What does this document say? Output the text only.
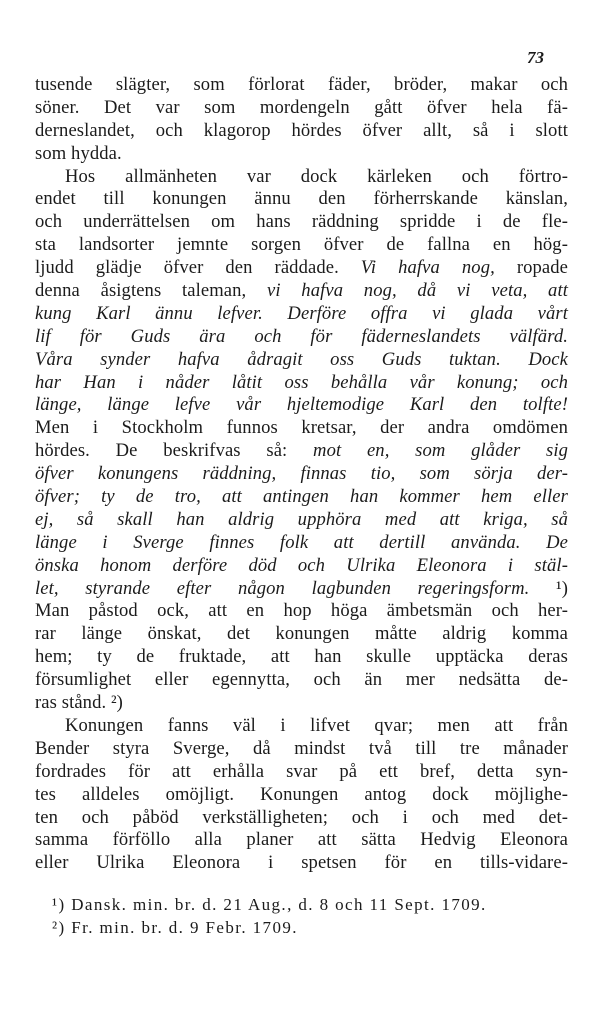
73
tusende slägter, som förlorat fäder, bröder, makar och
söner. Det var som mordengeln gått öfver hela fä-
derneslandet, och klagorop hördes öfver allt, så i slott
som hydda.
Hos allmänheten var dock kärleken och förtro-
endet till konungen ännu den förherrskande känslan,
och underrättelsen om hans räddning spridde i de fle-
sta landsorter jemnte sorgen öfver de fallna en hög-
ljudd glädje öfver den räddade. Vi hafva nog, ropade
denna åsigtens taleman, vi hafva nog, då vi veta, att
kung Karl ännu lefver. Derföre offra vi glada vårt
lif för Guds ära och för fäderneslandets välfärd.
Våra synder hafva ådragit oss Guds tuktan. Dock
har Han i nåder låtit oss behålla vår konung; och
länge, länge lefve vår hjeltemodige Karl den tolfte!
Men i Stockholm funnos kretsar, der andra omdömen
hördes. De beskrifvas så: mot en, som glåder sig
öfver konungens räddning, finnas tio, som sörja der-
öfver; ty de tro, att antingen han kommer hem eller
ej, så skall han aldrig upphöra med att kriga, så
länge i Sverge finnes folk att dertill använda. De
önska honom derföre död och Ulrika Eleonora i stäl-
let, styrande efter någon lagbunden regeringsform. ¹)
Man påstod ock, att en hop höga ämbetsmän och her-
rar länge önskat, det konungen måtte aldrig komma
hem; ty de fruktade, att han skulle upptäcka deras
försumlighet eller egennytta, och än mer nedsätta de-
ras stånd. ²)
Konungen fanns väl i lifvet qvar; men att från
Bender styra Sverge, då mindst två till tre månader
fordrades för att erhålla svar på ett bref, detta syn-
tes alldeles omöjligt. Konungen antog dock möjlighe-
ten och påböd verkställigheten; och i och med det-
samma förföllo alla planer att sätta Hedvig Eleonora
eller Ulrika Eleonora i spetsen för en tills-vidare-
¹) Dansk. min. br. d. 21 Aug., d. 8 och 11 Sept. 1709.
²) Fr. min. br. d. 9 Febr. 1709.
